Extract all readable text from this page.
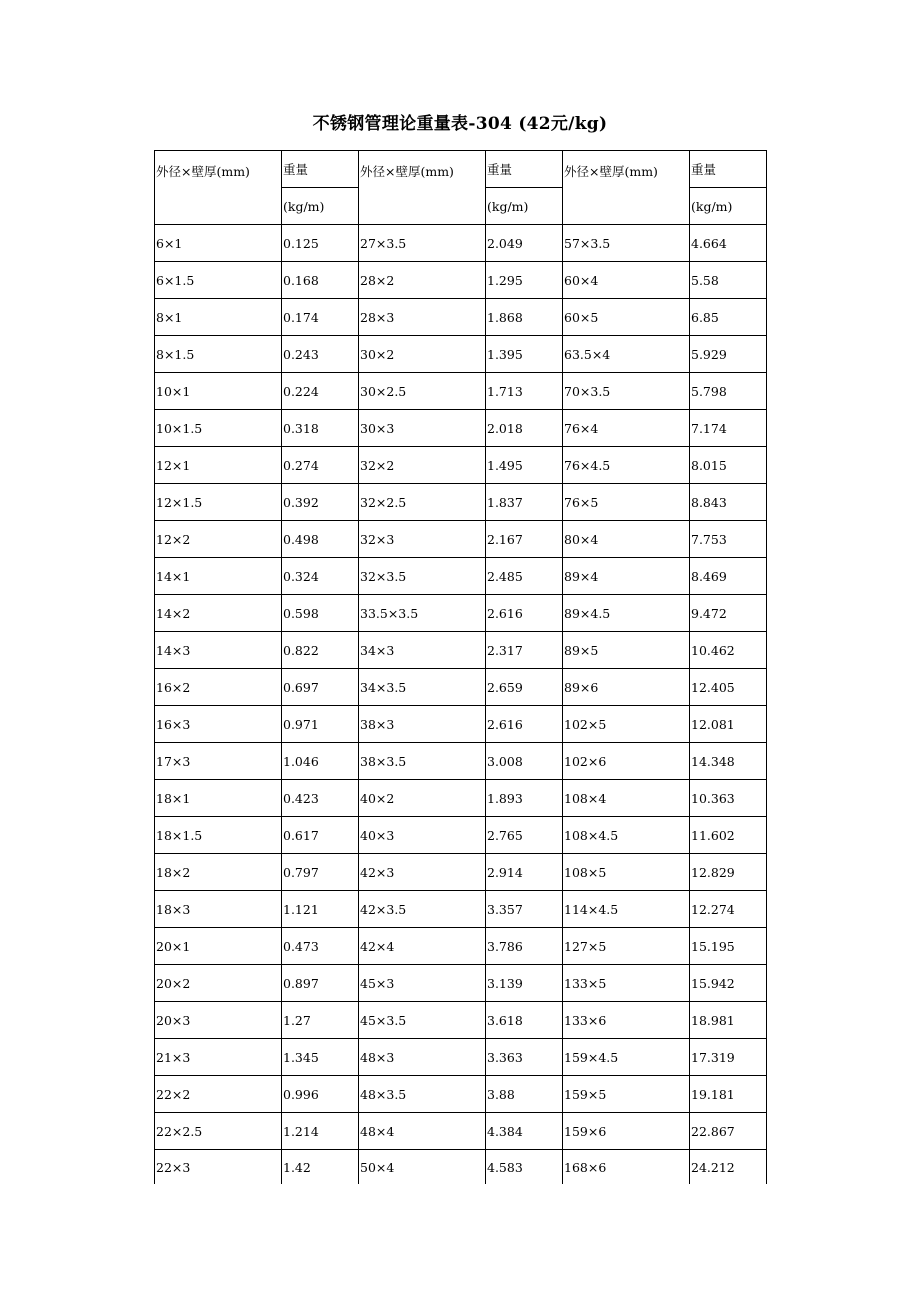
不锈钢管理论重量表-304 (42元/kg)
外径×壁厚(mm)	重量	外径×壁厚(mm)	重量	外径×壁厚(mm)	重量
	(kg/m)		(kg/m)		(kg/m)
6×1	0.125	27×3.5	2.049	57×3.5	4.664
6×1.5	0.168	28×2	1.295	60×4	5.58
8×1	0.174	28×3	1.868	60×5	6.85
8×1.5	0.243	30×2	1.395	63.5×4	5.929
10×1	0.224	30×2.5	1.713	70×3.5	5.798
10×1.5	0.318	30×3	2.018	76×4	7.174
12×1	0.274	32×2	1.495	76×4.5	8.015
12×1.5	0.392	32×2.5	1.837	76×5	8.843
12×2	0.498	32×3	2.167	80×4	7.753
14×1	0.324	32×3.5	2.485	89×4	8.469
14×2	0.598	33.5×3.5	2.616	89×4.5	9.472
14×3	0.822	34×3	2.317	89×5	10.462
16×2	0.697	34×3.5	2.659	89×6	12.405
16×3	0.971	38×3	2.616	102×5	12.081
17×3	1.046	38×3.5	3.008	102×6	14.348
18×1	0.423	40×2	1.893	108×4	10.363
18×1.5	0.617	40×3	2.765	108×4.5	11.602
18×2	0.797	42×3	2.914	108×5	12.829
18×3	1.121	42×3.5	3.357	114×4.5	12.274
20×1	0.473	42×4	3.786	127×5	15.195
20×2	0.897	45×3	3.139	133×5	15.942
20×3	1.27	45×3.5	3.618	133×6	18.981
21×3	1.345	48×3	3.363	159×4.5	17.319
22×2	0.996	48×3.5	3.88	159×5	19.181
22×2.5	1.214	48×4	4.384	159×6	22.867
22×3	1.42	50×4	4.583	168×6	24.212
